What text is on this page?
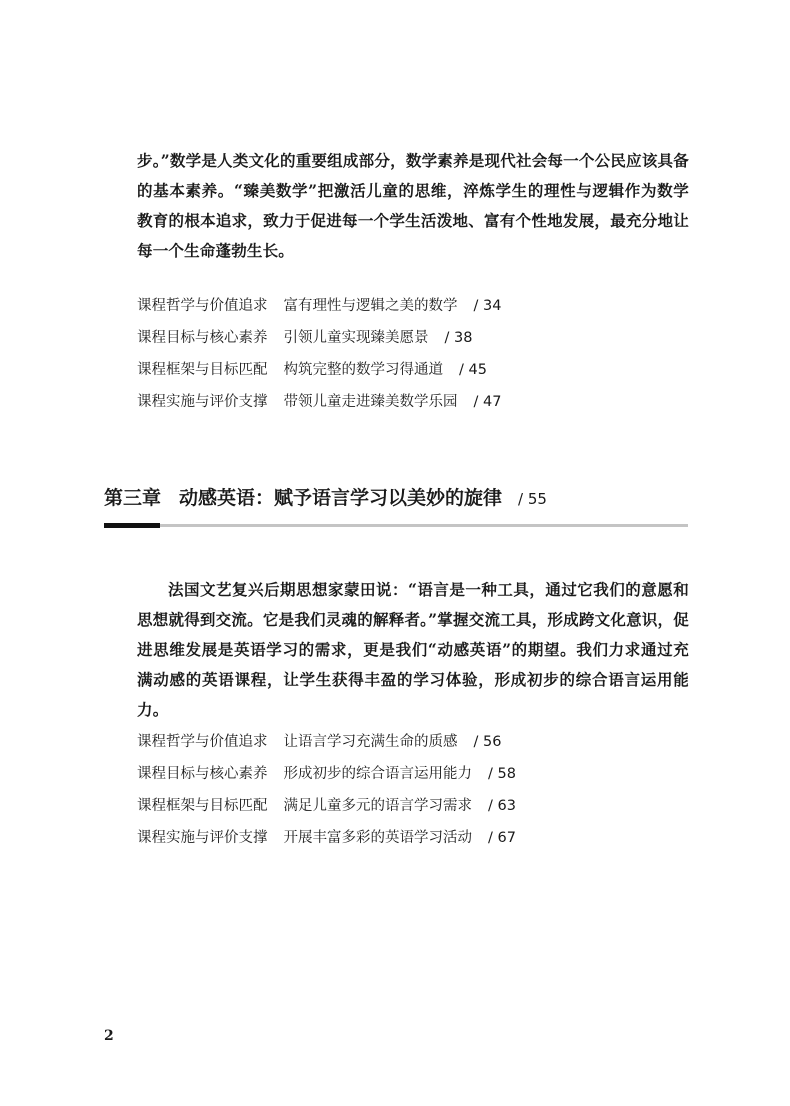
步。”数学是人类文化的重要组成部分，数学素养是现代社会每一个公民应该具备的基本素养。“臻美数学”把激活儿童的思维，淬炼学生的理性与逻辑作为数学教育的根本追求，致力于促进每一个学生活泼地、富有个性地发展，最充分地让每一个生命蓬勃生长。

课程哲学与价值追求 富有理性与逻辑之美的数学 / 34
课程目标与核心素养 引领儿童实现臻美愿景 / 38
课程框架与目标匹配 构筑完整的数学习得通道 / 45
课程实施与评价支撑 带领儿童走进臻美数学乐园 / 47
第三章 动感英语：赋予语言学习以美妙的旋律 / 55

法国文艺复兴后期思想家蒙田说：“语言是一种工具，通过它我们的意愿和思想就得到交流。它是我们灵魂的解释者。”掌握交流工具，形成跨文化意识，促进思维发展是英语学习的需求，更是我们“动感英语”的期望。我们力求通过充满动感的英语课程，让学生获得丰盈的学习体验，形成初步的综合语言运用能力。

课程哲学与价值追求 让语言学习充满生命的质感 / 56
课程目标与核心素养 形成初步的综合语言运用能力 / 58
课程框架与目标匹配 满足儿童多元的语言学习需求 / 63
课程实施与评价支撑 开展丰富多彩的英语学习活动 / 67
2
